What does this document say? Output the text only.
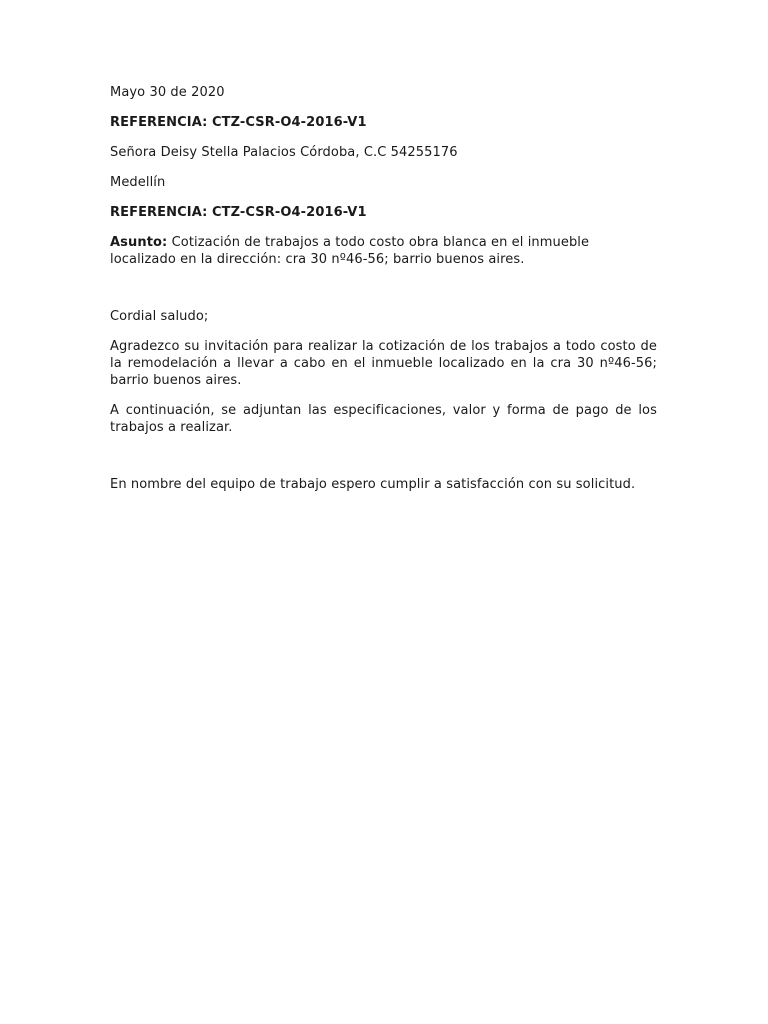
Mayo 30 de 2020

REFERENCIA: CTZ-CSR-O4-2016-V1

Señora Deisy Stella Palacios Córdoba, C.C 54255176

Medellín

REFERENCIA: CTZ-CSR-O4-2016-V1

Asunto: Cotización de trabajos a todo costo obra blanca en el inmueble localizado en la dirección: cra 30 nº46-56; barrio buenos aires.

Cordial saludo;

Agradezco su invitación para realizar la cotización de los trabajos a todo costo de la remodelación a llevar a cabo en el inmueble localizado en la cra 30 nº46-56; barrio buenos aires.

A continuación, se adjuntan las especificaciones, valor y forma de pago de los trabajos a realizar.

En nombre del equipo de trabajo espero cumplir a satisfacción con su solicitud.
